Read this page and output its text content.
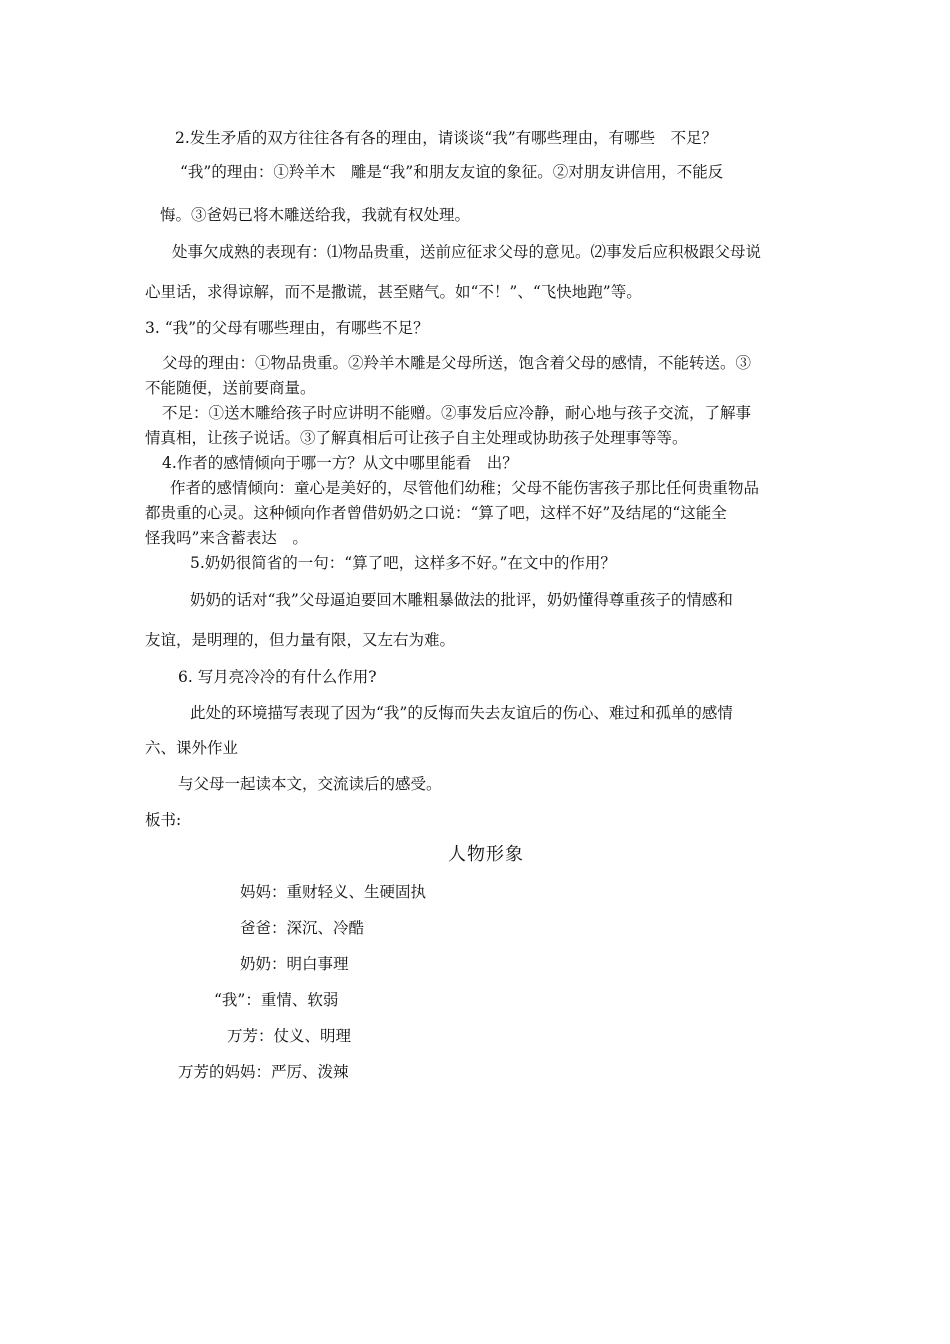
2.发生矛盾的双方往往各有各的理由，请谈谈“我”有哪些理由，有哪些　不足？
“我”的理由：①羚羊木　雕是“我”和朋友友谊的象征。②对朋友讲信用，不能反
悔。③爸妈已将木雕送给我，我就有权处理。
处事欠成熟的表现有：⑴物品贵重，送前应征求父母的意见。⑵事发后应积极跟父母说
心里话，求得谅解，而不是撒谎，甚至赌气。如“不！”、“飞快地跑”等。
3. “我”的父母有哪些理由，有哪些不足？
父母的理由：①物品贵重。②羚羊木雕是父母所送，饱含着父母的感情，不能转送。③
不能随便，送前要商量。
不足：①送木雕给孩子时应讲明不能赠。②事发后应冷静，耐心地与孩子交流，了解事
情真相，让孩子说话。③了解真相后可让孩子自主处理或协助孩子处理事等等。
4.作者的感情倾向于哪一方？从文中哪里能看　出？
作者的感情倾向：童心是美好的，尽管他们幼稚；父母不能伤害孩子那比任何贵重物品
都贵重的心灵。这种倾向作者曾借奶奶之口说：“算了吧，这样不好”及结尾的“这能全
怪我吗”来含蓄表达　。
5.奶奶很简省的一句：“算了吧，这样多不好。”在文中的作用？
奶奶的话对“我”父母逼迫要回木雕粗暴做法的批评，奶奶懂得尊重孩子的情感和
友谊，是明理的，但力量有限，又左右为难。
6. 写月亮冷冷的有什么作用?
此处的环境描写表现了因为“我”的反悔而失去友谊后的伤心、难过和孤单的感情
六、课外作业
与父母一起读本文，交流读后的感受。
板书:
人物形象
妈妈：重财轻义、生硬固执
爸爸：深沉、冷酷
奶奶：明白事理
“我”：重情、软弱
万芳：仗义、明理
万芳的妈妈：严厉、泼辣
